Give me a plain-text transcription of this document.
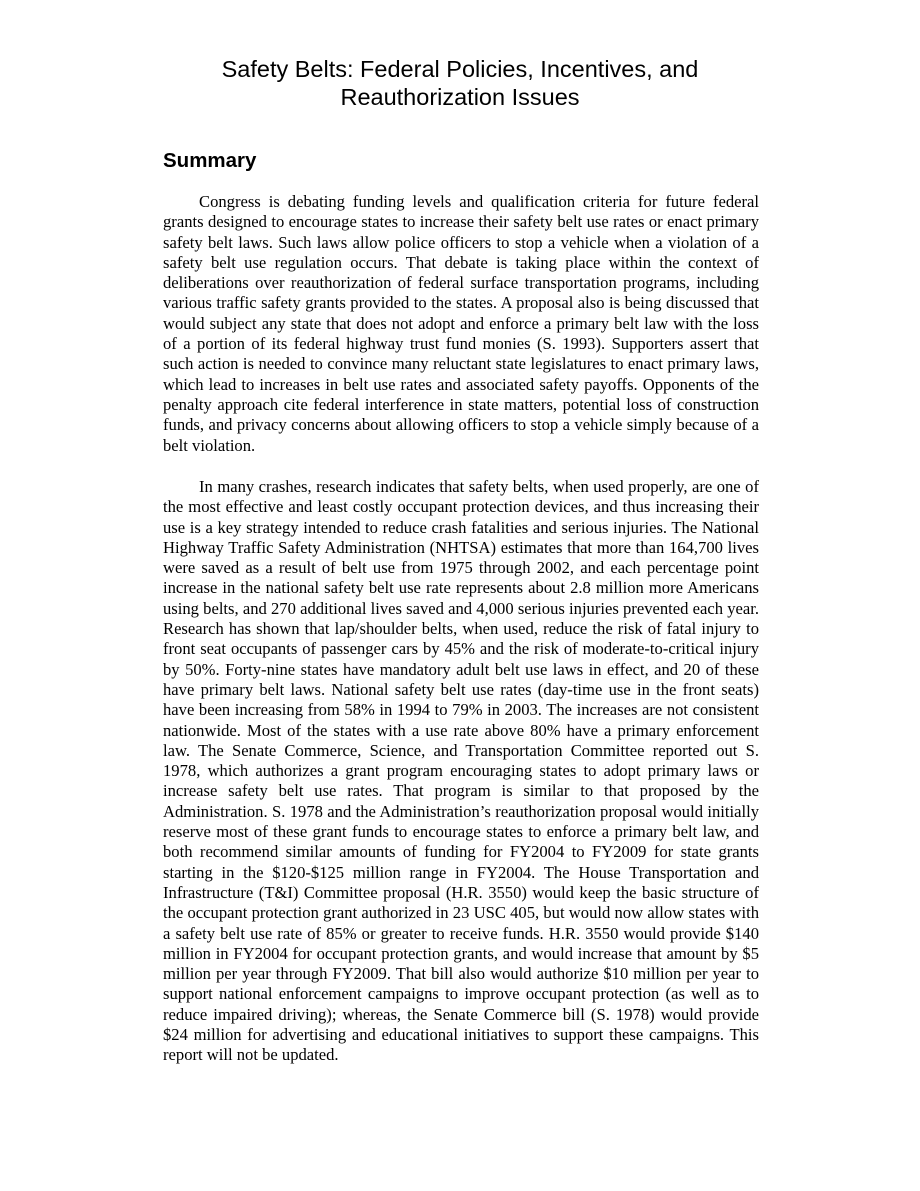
Safety Belts: Federal Policies, Incentives, and
Reauthorization Issues
Summary

Congress is debating funding levels and qualification criteria for future federal grants designed to encourage states to increase their safety belt use rates or enact primary safety belt laws. Such laws allow police officers to stop a vehicle when a violation of a safety belt use regulation occurs. That debate is taking place within the context of deliberations over reauthorization of federal surface transportation programs, including various traffic safety grants provided to the states. A proposal also is being discussed that would subject any state that does not adopt and enforce a primary belt law with the loss of a portion of its federal highway trust fund monies (S. 1993). Supporters assert that such action is needed to convince many reluctant state legislatures to enact primary laws, which lead to increases in belt use rates and associated safety payoffs. Opponents of the penalty approach cite federal interference in state matters, potential loss of construction funds, and privacy concerns about allowing officers to stop a vehicle simply because of a belt violation.

In many crashes, research indicates that safety belts, when used properly, are one of the most effective and least costly occupant protection devices, and thus increasing their use is a key strategy intended to reduce crash fatalities and serious injuries. The National Highway Traffic Safety Administration (NHTSA) estimates that more than 164,700 lives were saved as a result of belt use from 1975 through 2002, and each percentage point increase in the national safety belt use rate represents about 2.8 million more Americans using belts, and 270 additional lives saved and 4,000 serious injuries prevented each year. Research has shown that lap/shoulder belts, when used, reduce the risk of fatal injury to front seat occupants of passenger cars by 45% and the risk of moderate-to-critical injury by 50%. Forty-nine states have mandatory adult belt use laws in effect, and 20 of these have primary belt laws. National safety belt use rates (day-time use in the front seats) have been increasing from 58% in 1994 to 79% in 2003. The increases are not consistent nationwide. Most of the states with a use rate above 80% have a primary enforcement law. The Senate Commerce, Science, and Transportation Committee reported out S. 1978, which authorizes a grant program encouraging states to adopt primary laws or increase safety belt use rates. That program is similar to that proposed by the Administration. S. 1978 and the Administration’s reauthorization proposal would initially reserve most of these grant funds to encourage states to enforce a primary belt law, and both recommend similar amounts of funding for FY2004 to FY2009 for state grants starting in the $120-$125 million range in FY2004. The House Transportation and Infrastructure (T&I) Committee proposal (H.R. 3550) would keep the basic structure of the occupant protection grant authorized in 23 USC 405, but would now allow states with a safety belt use rate of 85% or greater to receive funds. H.R. 3550 would provide $140 million in FY2004 for occupant protection grants, and would increase that amount by $5 million per year through FY2009. That bill also would authorize $10 million per year to support national enforcement campaigns to improve occupant protection (as well as to reduce impaired driving); whereas, the Senate Commerce bill (S. 1978) would provide $24 million for advertising and educational initiatives to support these campaigns. This report will not be updated.
